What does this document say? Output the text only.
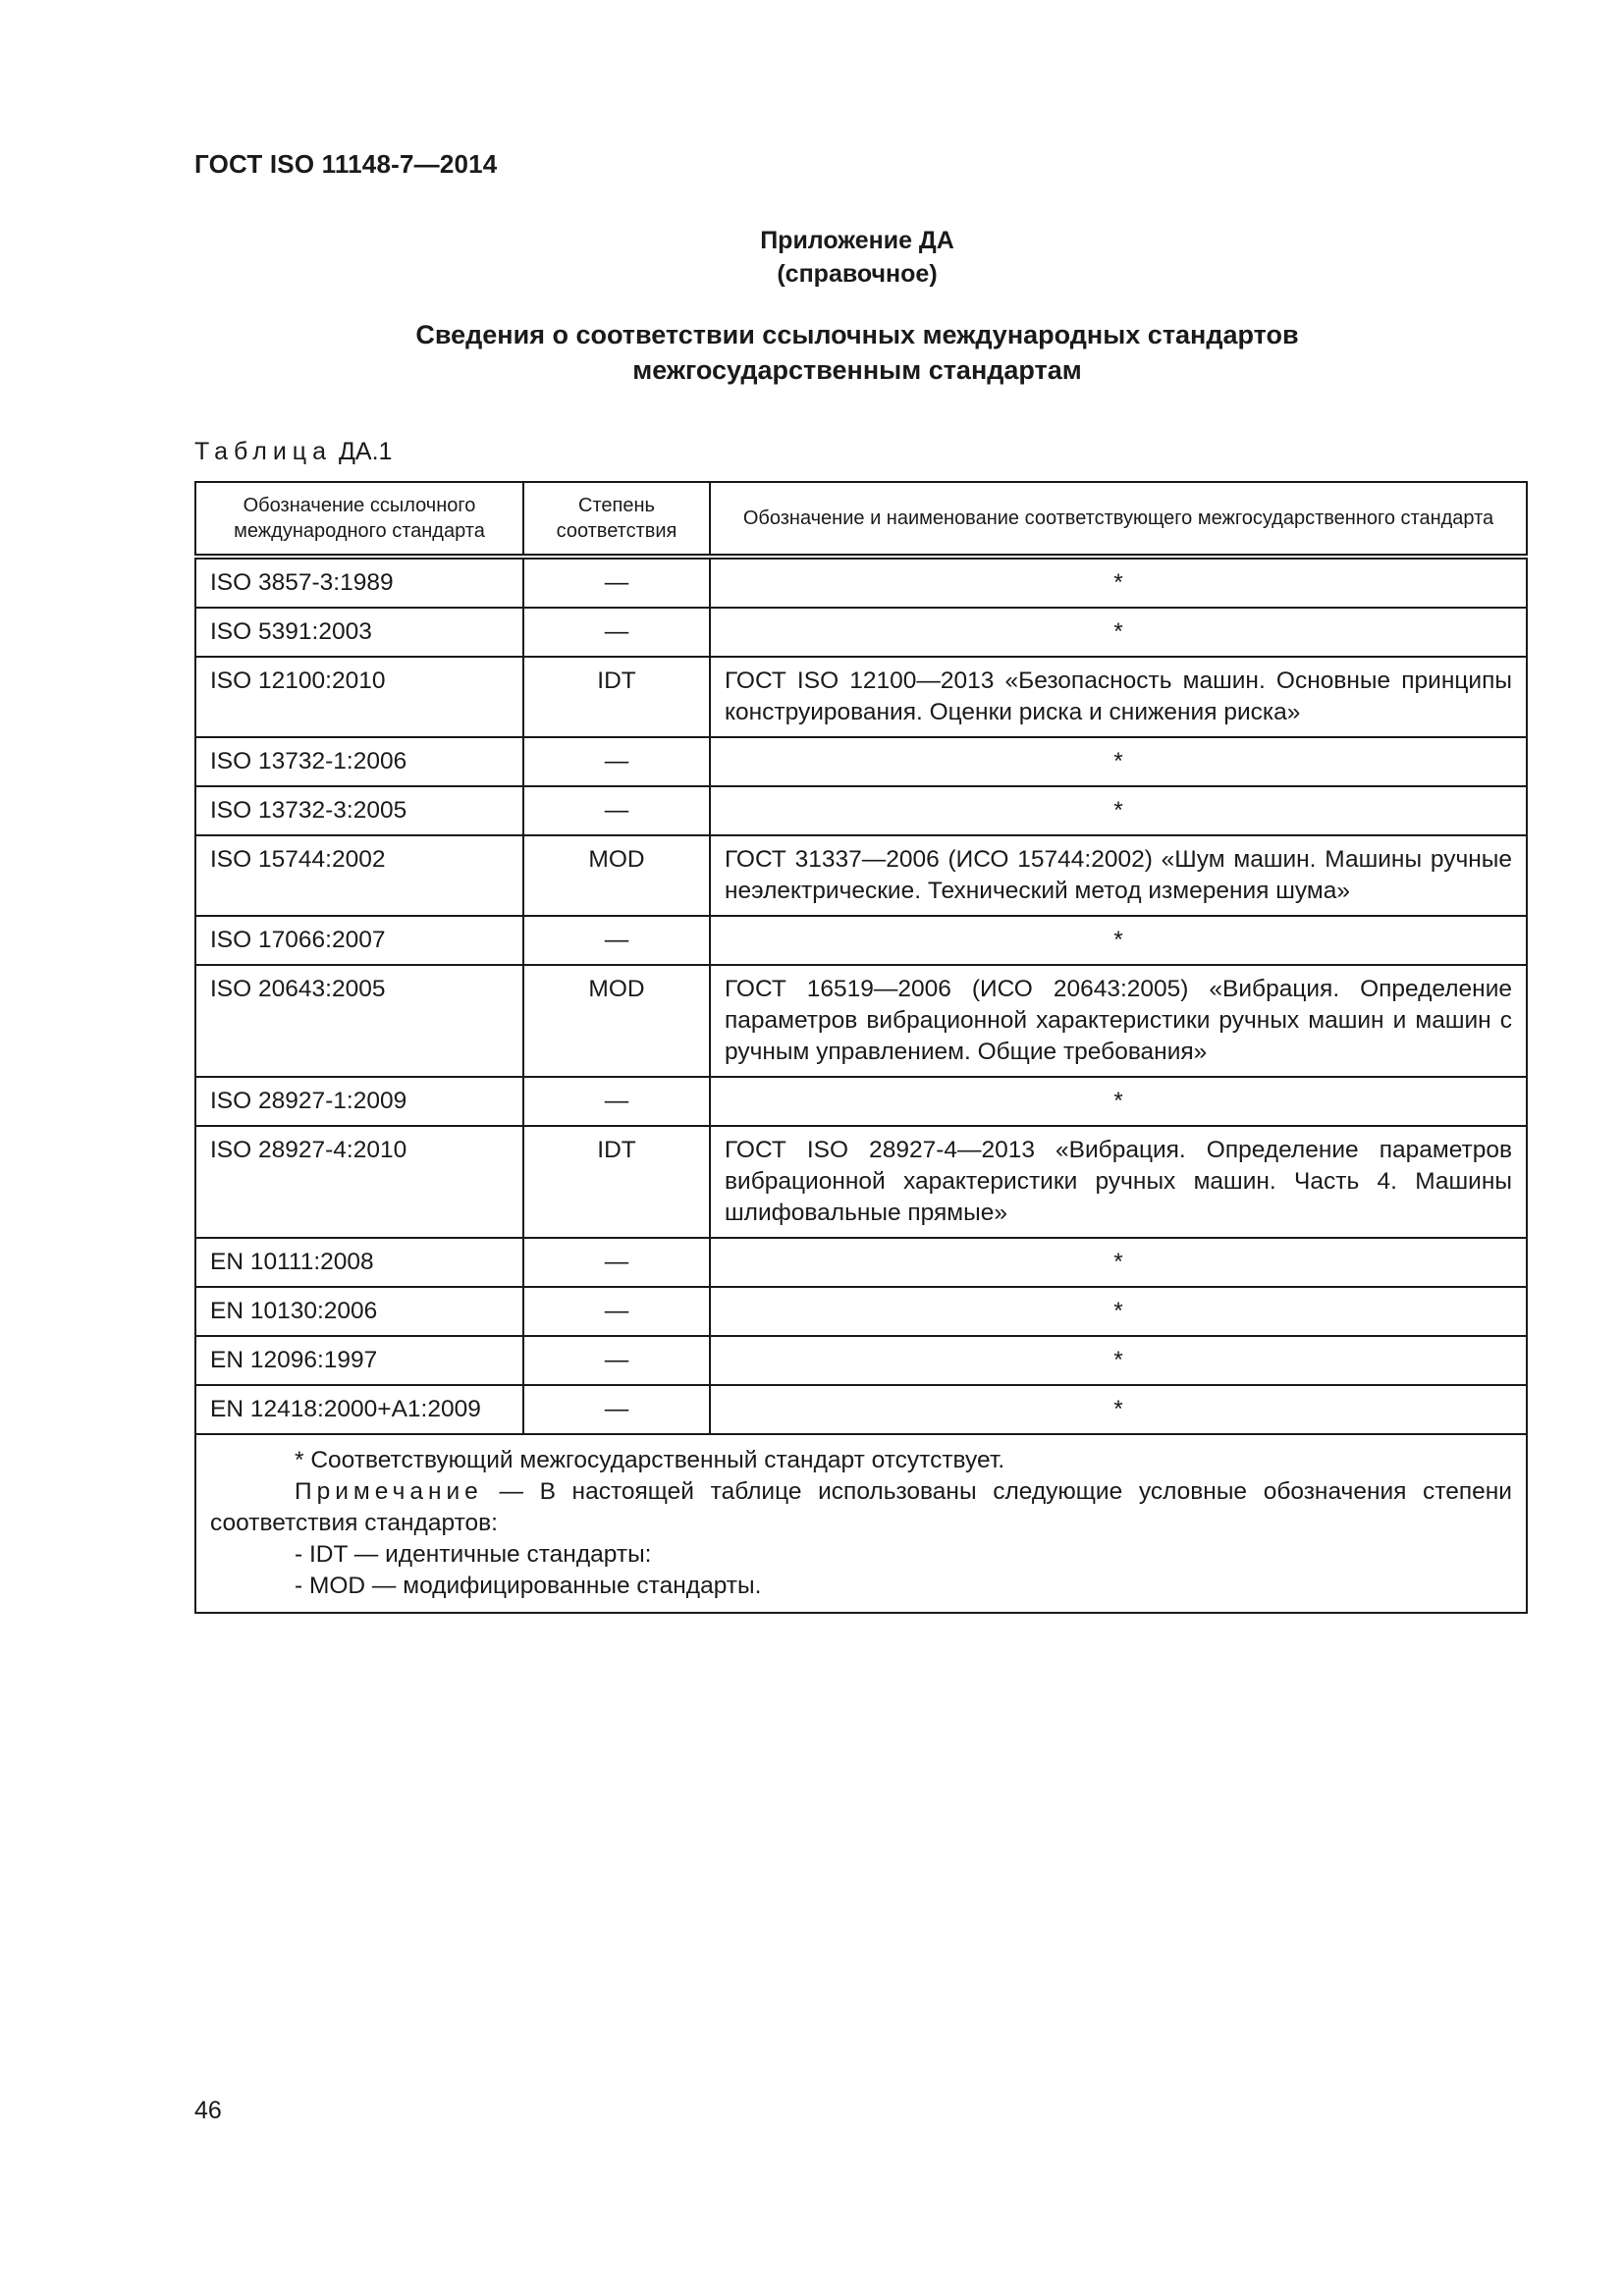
ГОСТ ISO 11148-7—2014
Приложение ДА
(справочное)
Сведения о соответствии ссылочных международных стандартов
межгосударственным стандартам
Таблица ДА.1
Обозначение ссылочного международного стандарта	Степень соответствия	Обозначение и наименование соответствующего межгосударственного стандарта
ISO 3857-3:1989	—	*
ISO 5391:2003	—	*
ISO 12100:2010	IDT	ГОСТ ISO 12100—2013 «Безопасность машин. Основные принципы конструирования. Оценки риска и снижения риска»
ISO 13732-1:2006	—	*
ISO 13732-3:2005	—	*
ISO 15744:2002	MOD	ГОСТ 31337—2006 (ИСО 15744:2002) «Шум машин. Машины ручные неэлектрические. Технический метод измерения шума»
ISO 17066:2007	—	*
ISO 20643:2005	MOD	ГОСТ 16519—2006 (ИСО 20643:2005) «Вибрация. Определение параметров вибрационной характеристики ручных машин и машин с ручным управлением. Общие требования»
ISO 28927-1:2009	—	*
ISO 28927-4:2010	IDT	ГОСТ ISO 28927-4—2013 «Вибрация. Определение параметров вибрационной характеристики ручных машин. Часть 4. Машины шлифовальные прямые»
EN 10111:2008	—	*
EN 10130:2006	—	*
EN 12096:1997	—	*
EN 12418:2000+A1:2009	—	*

* Соответствующий межгосударственный стандарт отсутствует.
Примечание — В настоящей таблице использованы следующие условные обозначения степени соответствия стандартов:
- IDT — идентичные стандарты:
- MOD — модифицированные стандарты.		
46
